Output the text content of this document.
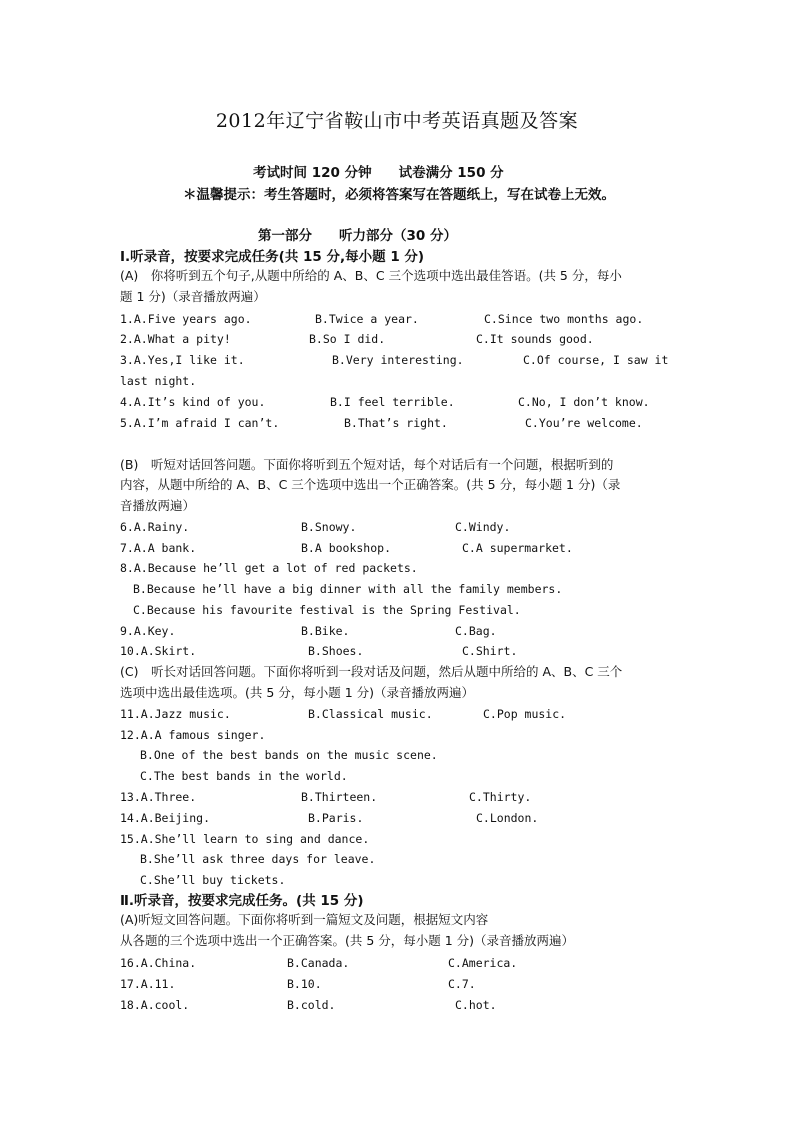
2012年辽宁省鞍山市中考英语真题及答案
考试时间 120 分钟　　试卷满分 150 分
＊温馨提示：考生答题时，必须将答案写在答题纸上，写在试卷上无效。
第一部分　　听力部分（30 分）
Ⅰ.听录音，按要求完成任务(共 15 分,每小题 1 分)
(A)　你将听到五个句子,从题中所给的 A、B、C 三个选项中选出最佳答语。(共 5 分，每小
题 1 分)（录音播放两遍）
1.A.Five years ago.	B.Twice a year.	C.Since two months ago.
2.A.What a pity!	B.So I did.	C.It sounds good.
3.A.Yes,I like it.	B.Very interesting.	C.Of course, I saw it
last night.
4.A.It’s kind of you.	B.I feel terrible.	C.No, I don’t know.
5.A.I’m afraid I can’t.	B.That’s right.	C.You’re welcome.
(B)　听短对话回答问题。下面你将听到五个短对话，每个对话后有一个问题，根据听到的
内容，从题中所给的 A、B、C 三个选项中选出一个正确答案。(共 5 分，每小题 1 分)（录
音播放两遍）
6.A.Rainy.	B.Snowy.	C.Windy.
7.A.A bank.	B.A bookshop.	C.A supermarket.
8.A.Because he’ll get a lot of red packets.
B.Because he’ll have a big dinner with all the family members.
C.Because his favourite festival is the Spring Festival.
9.A.Key.	B.Bike.	C.Bag.
10.A.Skirt.	B.Shoes.	C.Shirt.
(C)　听长对话回答问题。下面你将听到一段对话及问题，然后从题中所给的 A、B、C 三个
选项中选出最佳选项。(共 5 分，每小题 1 分)（录音播放两遍）
11.A.Jazz music.	B.Classical music.	C.Pop music.
12.A.A famous singer.
B.One of the best bands on the music scene.
C.The best bands in the world.
13.A.Three.	B.Thirteen.	C.Thirty.
14.A.Beijing.	B.Paris.	C.London.
15.A.She’ll learn to sing and dance.
B.She’ll ask three days for leave.
C.She’ll buy tickets.
Ⅱ.听录音，按要求完成任务。(共 15 分)
(A)听短文回答问题。下面你将听到一篇短文及问题，根据短文内容
从各题的三个选项中选出一个正确答案。(共 5 分，每小题 1 分)（录音播放两遍）
16.A.China.	B.Canada.	C.America.
17.A.11.	B.10.	C.7.
18.A.cool.	B.cold.	C.hot.
